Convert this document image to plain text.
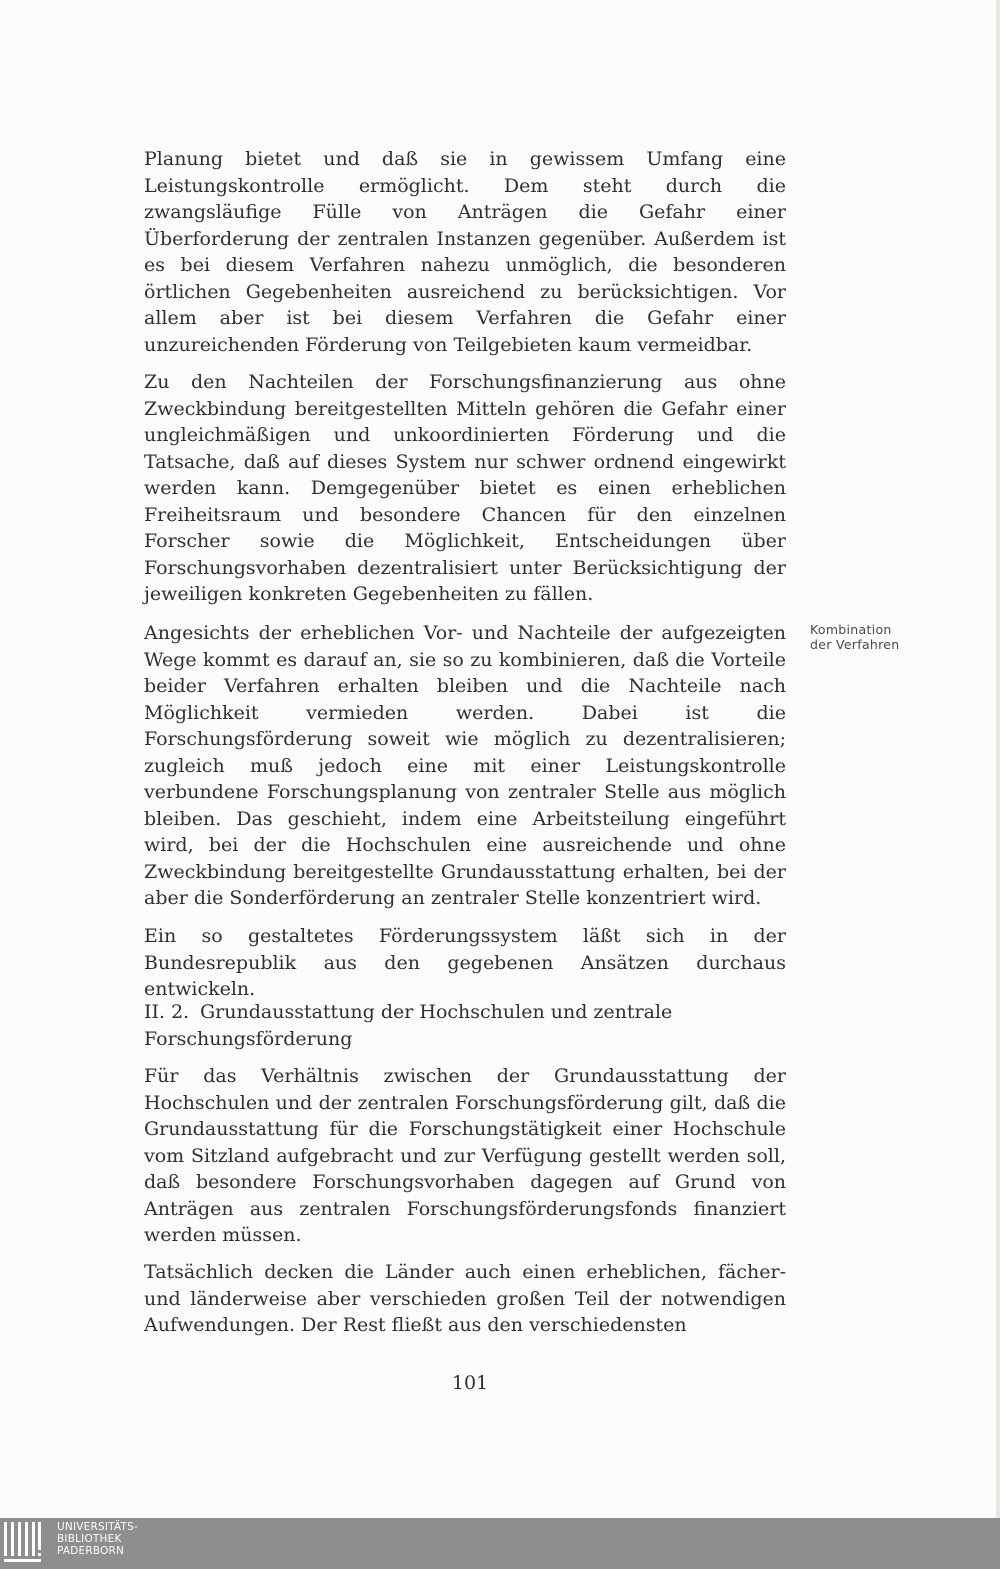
Planung bietet und daß sie in gewissem Umfang eine Leistungskontrolle ermöglicht. Dem steht durch die zwangsläufige Fülle von Anträgen die Gefahr einer Überforderung der zentralen Instanzen gegenüber. Außerdem ist es bei diesem Verfahren nahezu unmöglich, die besonderen örtlichen Gegebenheiten ausreichend zu berücksichtigen. Vor allem aber ist bei diesem Verfahren die Gefahr einer unzureichenden Förderung von Teilgebieten kaum vermeidbar.

Zu den Nachteilen der Forschungsfinanzierung aus ohne Zweckbindung bereitgestellten Mitteln gehören die Gefahr einer ungleichmäßigen und unkoordinierten Förderung und die Tatsache, daß auf dieses System nur schwer ordnend eingewirkt werden kann. Demgegenüber bietet es einen erheblichen Freiheitsraum und besondere Chancen für den einzelnen Forscher sowie die Möglichkeit, Entscheidungen über Forschungsvorhaben dezentralisiert unter Berücksichtigung der jeweiligen konkreten Gegebenheiten zu fällen.

Angesichts der erheblichen Vor- und Nachteile der aufgezeigten Wege kommt es darauf an, sie so zu kombinieren, daß die Vorteile beider Verfahren erhalten bleiben und die Nachteile nach Möglichkeit vermieden werden. Dabei ist die Forschungsförderung soweit wie möglich zu dezentralisieren; zugleich muß jedoch eine mit einer Leistungskontrolle verbundene Forschungsplanung von zentraler Stelle aus möglich bleiben. Das geschieht, indem eine Arbeitsteilung eingeführt wird, bei der die Hochschulen eine ausreichende und ohne Zweckbindung bereitgestellte Grundausstattung erhalten, bei der aber die Sonderförderung an zentraler Stelle konzentriert wird.

Ein so gestaltetes Förderungssystem läßt sich in der Bundesrepublik aus den gegebenen Ansätzen durchaus entwickeln.

II. 2. Grundausstattung der Hochschulen und zentrale Forschungsförderung

Für das Verhältnis zwischen der Grundausstattung der Hochschulen und der zentralen Forschungsförderung gilt, daß die Grundausstattung für die Forschungstätigkeit einer Hochschule vom Sitzland aufgebracht und zur Verfügung gestellt werden soll, daß besondere Forschungsvorhaben dagegen auf Grund von Anträgen aus zentralen Forschungsförderungsfonds finanziert werden müssen.

Tatsächlich decken die Länder auch einen erheblichen, fächer- und länderweise aber verschieden großen Teil der notwendigen Aufwendungen. Der Rest fließt aus den verschiedensten

Kombination
der Verfahren
101
UNIVERSITÄTS-
BIBLIOTHEK
PADERBORN
